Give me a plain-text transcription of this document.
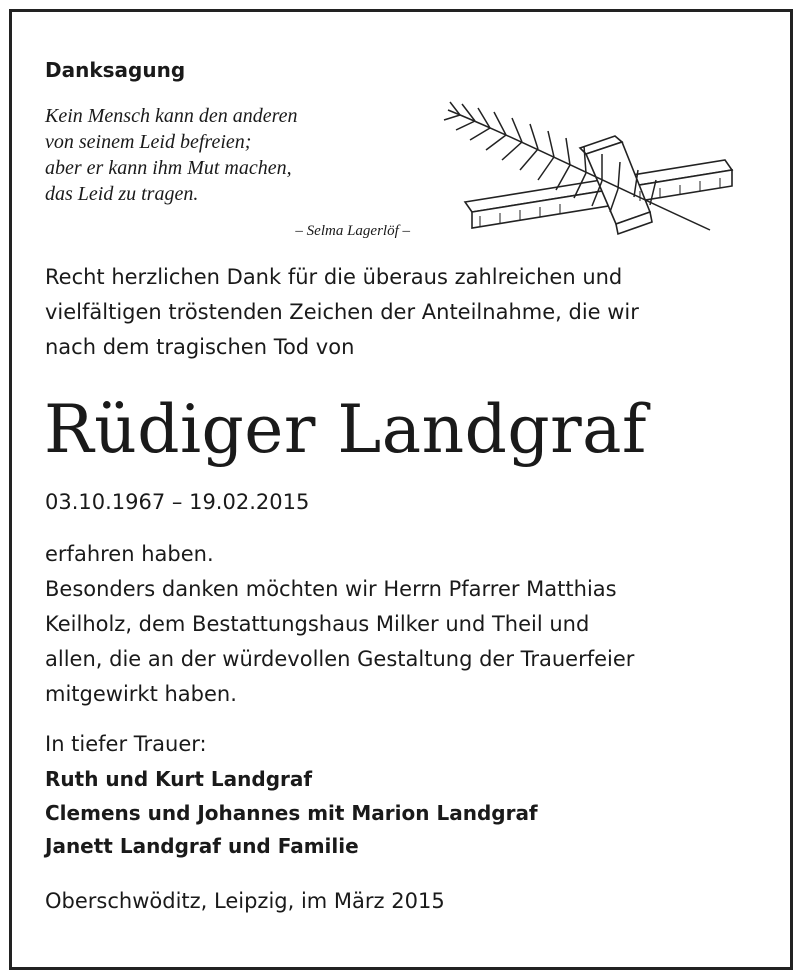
Danksagung
Kein Mensch kann den anderen
von seinem Leid befreien;
aber er kann ihm Mut machen,
das Leid zu tragen.
– Selma Lagerlöf –
Recht herzlichen Dank für die überaus zahlreichen und
vielfältigen tröstenden Zeichen der Anteilnahme, die wir
nach dem tragischen Tod von
Rüdiger Landgraf
03.10.1967 – 19.02.2015
erfahren haben.
Besonders danken möchten wir Herrn Pfarrer Matthias
Keilholz, dem Bestattungshaus Milker und Theil und
allen, die an der würdevollen Gestaltung der Trauerfeier
mitgewirkt haben.
In tiefer Trauer:
Ruth und Kurt Landgraf
Clemens und Johannes mit Marion Landgraf
Janett Landgraf und Familie
Oberschwöditz, Leipzig, im März 2015
